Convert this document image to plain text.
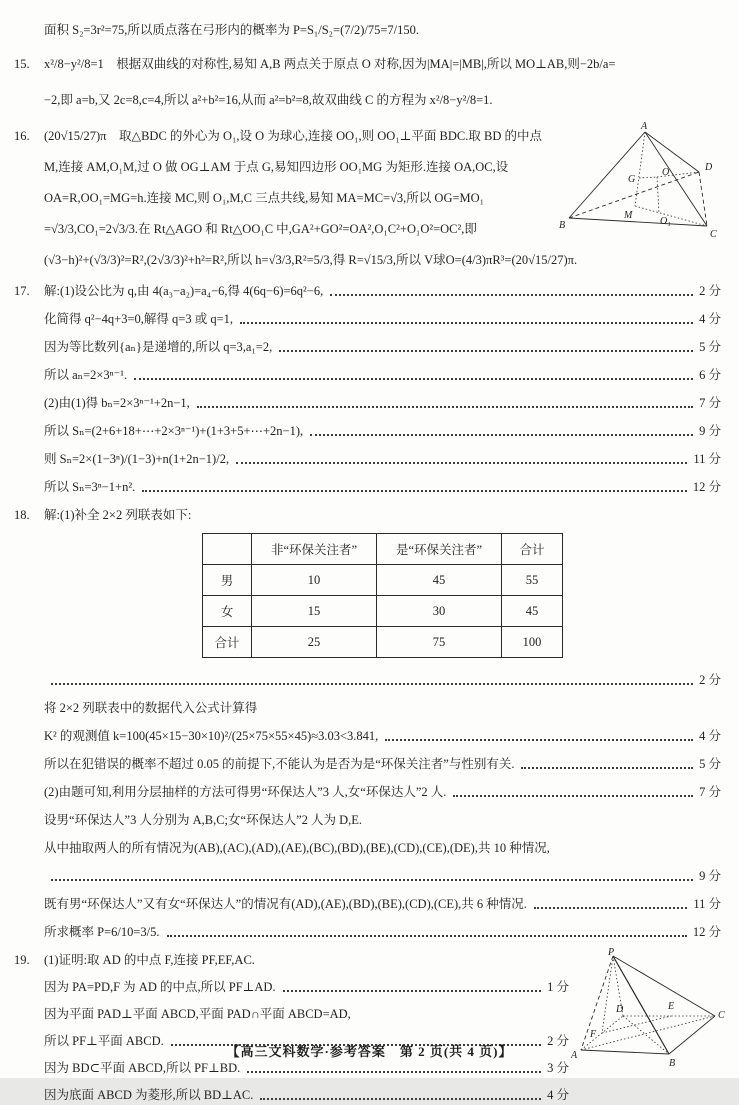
面积 S₂=3r²=75,所以质点落在弓形内的概率为 P=S₁/S₂=(7/2)/75=7/150.
15.	x²/8−y²/8=1　根据双曲线的对称性,易知 A,B 两点关于原点 O 对称,因为|MA|=|MB|,所以 MO⊥AB,则−2b/a=
−2,即 a=b,又 2c=8,c=4,所以 a²+b²=16,从而 a²=b²=8,故双曲线 C 的方程为 x²/8−y²/8=1.
16.	(20√15/27)π　取△BDC 的外心为 O₁,设 O 为球心,连接 OO₁,则 OO₁⊥平面 BDC.取 BD 的中点
M,连接 AM,O₁M,过 O 做 OG⊥AM 于点 G,易知四边形 OO₁MG 为矩形.连接 OA,OC,设
OA=R,OO₁=MG=h.连接 MC,则 O₁,M,C 三点共线,易知 MA=MC=√3,所以 OG=MO₁
=√3/3,CO₁=2√3/3.在 Rt△AGO 和 Rt△OO₁C 中,GA²+GO²=OA²,O₁C²+O₁O²=OC²,即
(√3−h)²+(√3/3)²=R²,(2√3/3)²+h²=R²,所以 h=√3/3,R²=5/3,得 R=√15/3,所以 V球O=(4/3)πR³=(20√15/27)π.
A
B
C
D
G
O
M
O₁
17.	解:(1)设公比为 q,由 4(a₃−a₂)=a₄−6,得 4(6q−6)=6q²−6,	2 分
化简得 q²−4q+3=0,解得 q=3 或 q=1,	4 分
因为等比数列{aₙ}是递增的,所以 q=3,a₁=2,	5 分
所以 aₙ=2×3ⁿ⁻¹.	6 分
(2)由(1)得 bₙ=2×3ⁿ⁻¹+2n−1,	7 分
所以 Sₙ=(2+6+18+⋯+2×3ⁿ⁻¹)+(1+3+5+⋯+2n−1),	9 分
则 Sₙ=2×(1−3ⁿ)/(1−3)+n(1+2n−1)/2,	11 分
所以 Sₙ=3ⁿ−1+n².	12 分
18.	解:(1)补全 2×2 列联表如下:
	非“环保关注者”	是“环保关注者”	合计
男	10	45	55
女	15	30	45
合计	25	75	100
2 分
将 2×2 列联表中的数据代入公式计算得
K² 的观测值 k=100(45×15−30×10)²/(25×75×55×45)≈3.03<3.841,	4 分
所以在犯错误的概率不超过 0.05 的前提下,不能认为是否为是“环保关注者”与性别有关.	5 分
(2)由题可知,利用分层抽样的方法可得男“环保达人”3 人,女“环保达人”2 人.	7 分
设男“环保达人”3 人分别为 A,B,C;女“环保达人”2 人为 D,E.
从中抽取两人的所有情况为(AB),(AC),(AD),(AE),(BC),(BD),(BE),(CD),(CE),(DE),共 10 种情况,
9 分
既有男“环保达人”又有女“环保达人”的情况有(AD),(AE),(BD),(BE),(CD),(CE),共 6 种情况.	11 分
所求概率 P=6/10=3/5.	12 分
19.	(1)证明:取 AD 的中点 F,连接 PF,EF,AC.
因为 PA=PD,F 为 AD 的中点,所以 PF⊥AD.	1 分
因为平面 PAD⊥平面 ABCD,平面 PAD∩平面 ABCD=AD,
所以 PF⊥平面 ABCD.	2 分
因为 BD⊂平面 ABCD,所以 PF⊥BD.	3 分
因为底面 ABCD 为菱形,所以 BD⊥AC.	4 分
P
A
B
C
D	E
F
【高三文科数学·参考答案　第 2 页(共 4 页)】
